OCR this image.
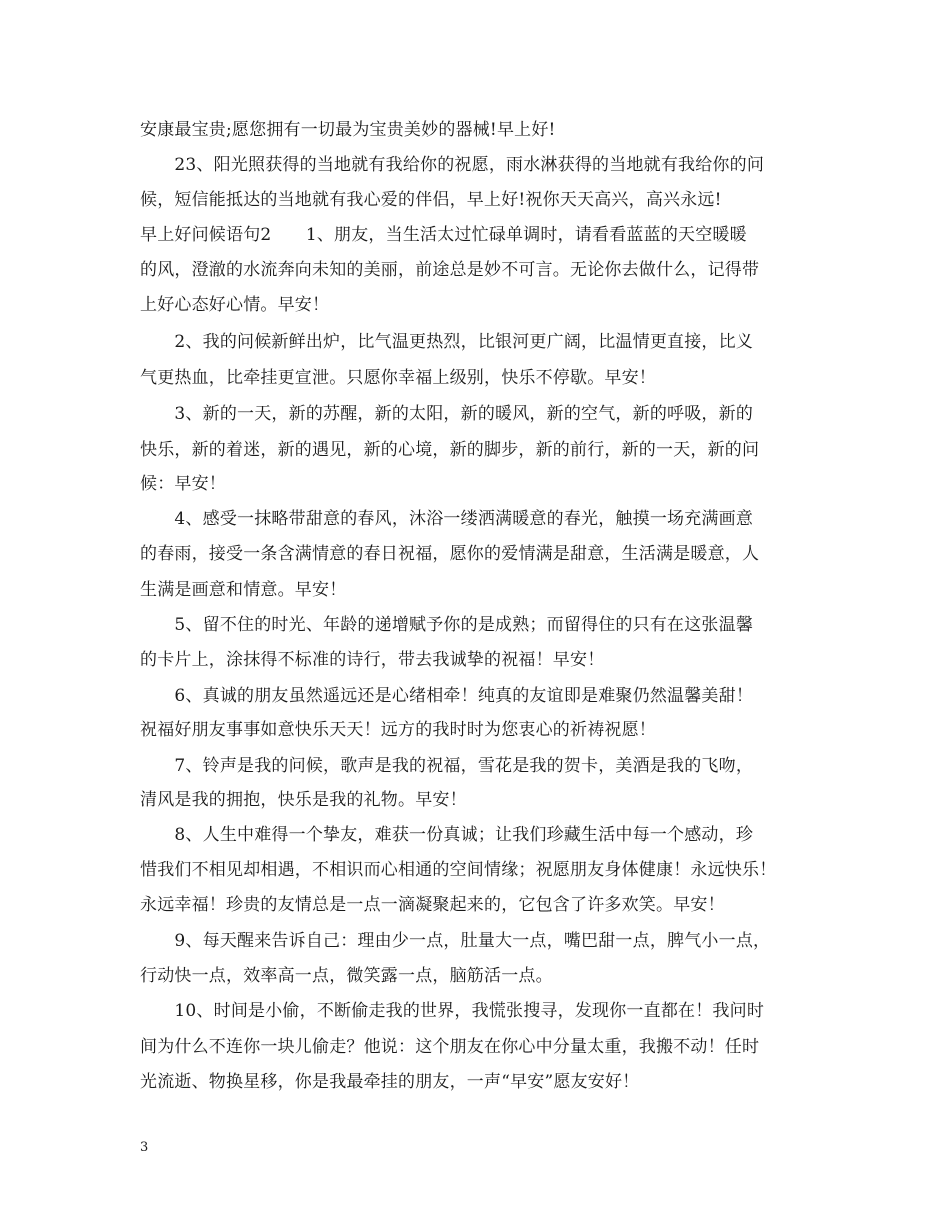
安康最宝贵;愿您拥有一切最为宝贵美妙的器械!早上好!
　　23、阳光照获得的当地就有我给你的祝愿，雨水淋获得的当地就有我给你的问
候，短信能抵达的当地就有我心爱的伴侣，早上好!祝你天天高兴，高兴永远!
早上好问候语句2　　1、朋友，当生活太过忙碌单调时，请看看蓝蓝的天空暖暖
的风，澄澈的水流奔向未知的美丽，前途总是妙不可言。无论你去做什么，记得带
上好心态好心情。早安！
　　2、我的问候新鲜出炉，比气温更热烈，比银河更广阔，比温情更直接，比义
气更热血，比牵挂更宣泄。只愿你幸福上级别，快乐不停歇。早安！
　　3、新的一天，新的苏醒，新的太阳，新的暖风，新的空气，新的呼吸，新的
快乐，新的着迷，新的遇见，新的心境，新的脚步，新的前行，新的一天，新的问
候：早安！
　　4、感受一抹略带甜意的春风，沐浴一缕洒满暖意的春光，触摸一场充满画意
的春雨，接受一条含满情意的春日祝福，愿你的爱情满是甜意，生活满是暖意，人
生满是画意和情意。早安！
　　5、留不住的时光、年龄的递增赋予你的是成熟；而留得住的只有在这张温馨
的卡片上，涂抹得不标准的诗行，带去我诚挚的祝福！早安！
　　6、真诚的朋友虽然遥远还是心绪相牵！纯真的友谊即是难聚仍然温馨美甜！
祝福好朋友事事如意快乐天天！远方的我时时为您衷心的祈祷祝愿！
　　7、铃声是我的问候，歌声是我的祝福，雪花是我的贺卡，美酒是我的飞吻，
清风是我的拥抱，快乐是我的礼物。早安！
　　8、人生中难得一个挚友，难获一份真诚；让我们珍藏生活中每一个感动，珍
惜我们不相见却相遇，不相识而心相通的空间情缘；祝愿朋友身体健康！永远快乐！
永远幸福！珍贵的友情总是一点一滴凝聚起来的，它包含了许多欢笑。早安！
　　9、每天醒来告诉自己：理由少一点，肚量大一点，嘴巴甜一点，脾气小一点，
行动快一点，效率高一点，微笑露一点，脑筋活一点。
　　10、时间是小偷，不断偷走我的世界，我慌张搜寻，发现你一直都在！我问时
间为什么不连你一块儿偷走？他说：这个朋友在你心中分量太重，我搬不动！任时
光流逝、物换星移，你是我最牵挂的朋友，一声“早安”愿友安好！
3
